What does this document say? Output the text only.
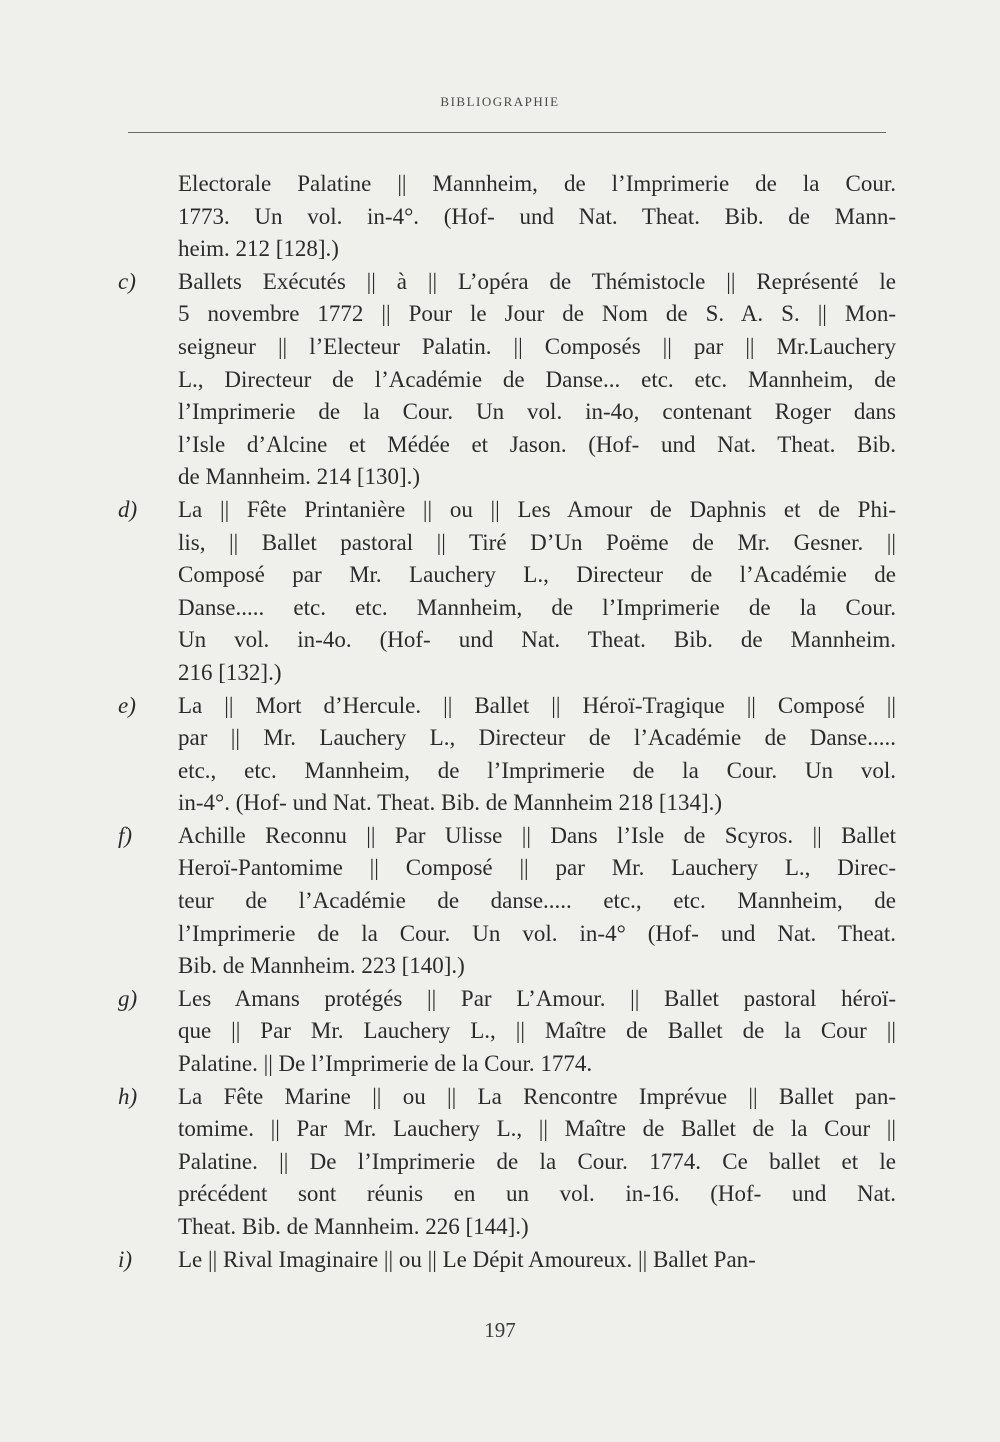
BIBLIOGRAPHIE
Electorale Palatine || Mannheim, de l’Imprimerie de la Cour.
1773. Un vol. in-4°. (Hof- und Nat. Theat. Bib. de Mann-
heim. 212 [128].)
c)	Ballets Exécutés || à || L’opéra de Thémistocle || Représenté le
5 novembre 1772 || Pour le Jour de Nom de S. A. S. || Mon-
seigneur || l’Electeur Palatin. || Composés || par || Mr.Lauchery
L., Directeur de l’Académie de Danse... etc. etc. Mannheim, de
l’Imprimerie de la Cour. Un vol. in-4o, contenant Roger dans
l’Isle d’Alcine et Médée et Jason. (Hof- und Nat. Theat. Bib.
de Mannheim. 214 [130].)
d)	La || Fête Printanière || ou || Les Amour de Daphnis et de Phi-
lis, || Ballet pastoral || Tiré D’Un Poëme de Mr. Gesner. ||
Composé par Mr. Lauchery L., Directeur de l’Académie de
Danse..... etc. etc. Mannheim, de l’Imprimerie de la Cour.
Un vol. in-4o. (Hof- und Nat. Theat. Bib. de Mannheim.
216 [132].)
e)	La || Mort d’Hercule. || Ballet || Héroï-Tragique || Composé ||
par || Mr. Lauchery L., Directeur de l’Académie de Danse.....
etc., etc. Mannheim, de l’Imprimerie de la Cour. Un vol.
in-4°. (Hof- und Nat. Theat. Bib. de Mannheim 218 [134].)
f)	Achille Reconnu || Par Ulisse || Dans l’Isle de Scyros. || Ballet
Heroï-Pantomime || Composé || par Mr. Lauchery L., Direc-
teur de l’Académie de danse..... etc., etc. Mannheim, de
l’Imprimerie de la Cour. Un vol. in-4° (Hof- und Nat. Theat.
Bib. de Mannheim. 223 [140].)
g)	Les Amans protégés || Par L’Amour. || Ballet pastoral héroï-
que || Par Mr. Lauchery L., || Maître de Ballet de la Cour ||
Palatine. || De l’Imprimerie de la Cour. 1774.
h)	La Fête Marine || ou || La Rencontre Imprévue || Ballet pan-
tomime. || Par Mr. Lauchery L., || Maître de Ballet de la Cour ||
Palatine. || De l’Imprimerie de la Cour. 1774. Ce ballet et le
précédent sont réunis en un vol. in-16. (Hof- und Nat.
Theat. Bib. de Mannheim. 226 [144].)
i)	Le || Rival Imaginaire || ou || Le Dépit Amoureux. || Ballet Pan-
197
